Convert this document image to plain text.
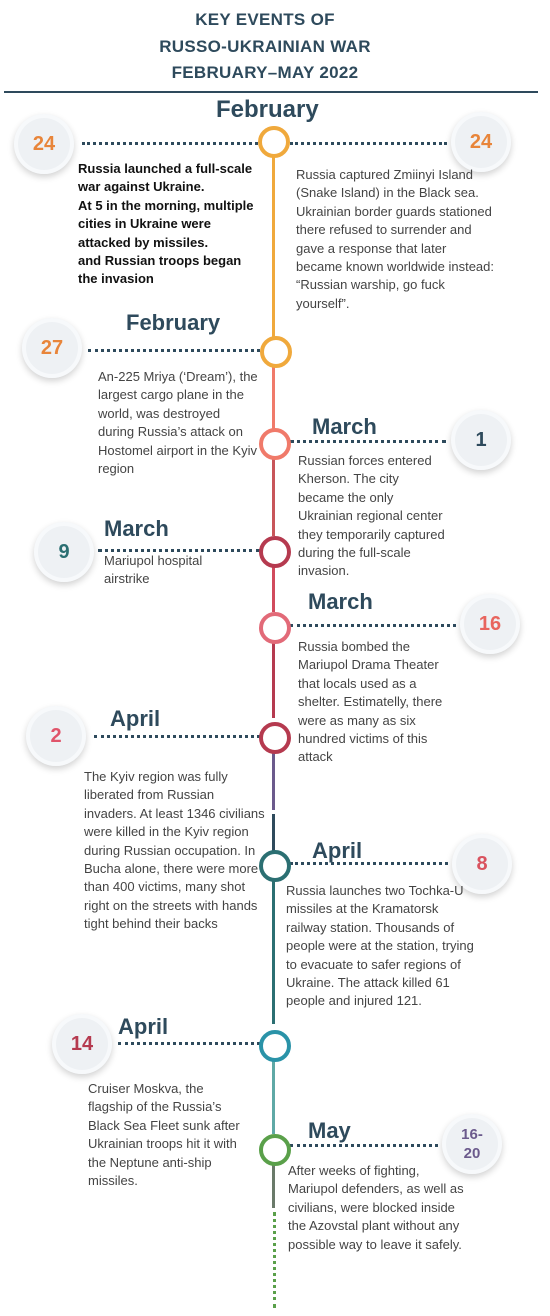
KEY EVENTS OF
RUSSO-UKRAINIAN WAR
FEBRUARY–MAY 2022
February
24
Russia launched a full-scale war against Ukraine.
At 5 in the morning, multiple cities in Ukraine were attacked by missiles.
and Russian troops began the invasion
24
Russia captured Zmiinyi Island (Snake Island) in the Black sea. Ukrainian border guards stationed there refused to surrender and gave a response that later became known worldwide instead: “Russian warship, go fuck yourself”.
February
27
An-225 Mriya (‘Dream’), the largest cargo plane in the world, was destroyed during Russia’s attack on Hostomel airport in the Kyiv region
March
1
Russian forces entered Kherson. The city became the only Ukrainian regional center they temporarily captured during the full-scale invasion.
March
9	Mariupol hospital airstrike
March
16
Russia bombed the Mariupol Drama Theater that locals used as a shelter. Estimatelly, there were as many as six hundred victims of this attack
April
2
The Kyiv region was fully liberated from Russian invaders. At least 1346 civilians were killed in the Kyiv region during Russian occupation. In Bucha alone, there were more than 400 victims, many shot right on the streets with hands tight behind their backs
April
8
Russia launches two Tochka-U missiles at the Kramatorsk railway station. Thousands of people were at the station, trying to evacuate to safer regions of Ukraine. The attack killed 61 people and injured 121.
April
14
Cruiser Moskva, the flagship of the Russia’s Black Sea Fleet sunk after Ukrainian troops hit it with the Neptune anti-ship missiles.
May	16-
20
After weeks of fighting, Mariupol defenders, as well as civilians, were blocked inside the Azovstal plant without any possible way to leave it safely.
